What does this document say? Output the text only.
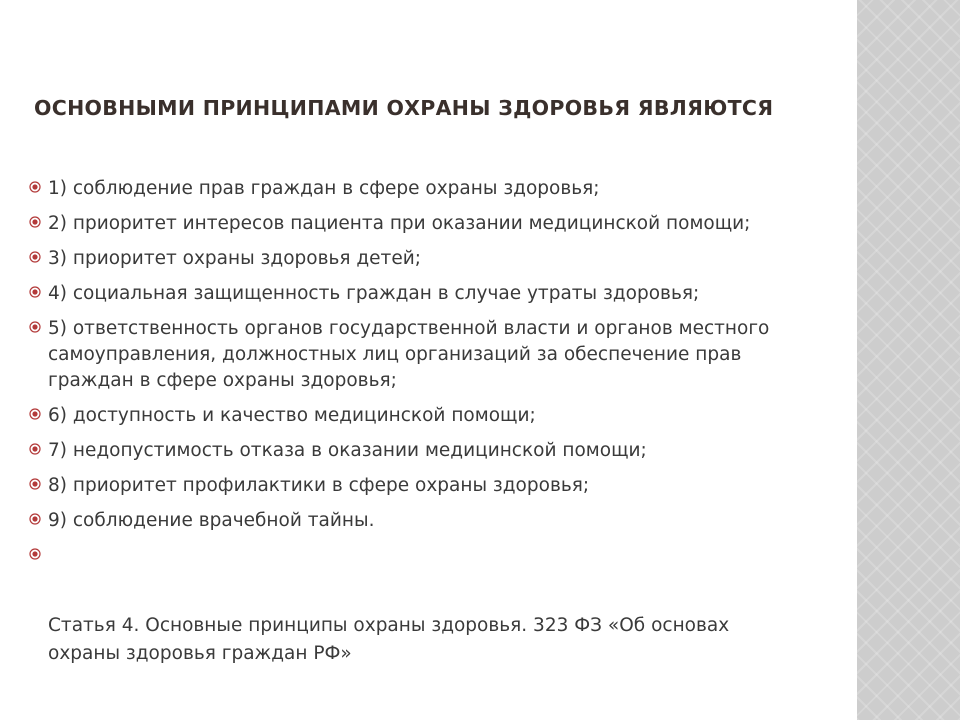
ОСНОВНЫМИ ПРИНЦИПАМИ ОХРАНЫ ЗДОРОВЬЯ ЯВЛЯЮТСЯ
1) соблюдение прав граждан в сфере охраны здоровья;
2) приоритет интересов пациента при оказании медицинской помощи;
3) приоритет охраны здоровья детей;
4) социальная защищенность граждан в случае утраты здоровья;
5) ответственность органов государственной власти и органов местного самоуправления, должностных лиц организаций за обеспечение прав граждан в сфере охраны здоровья;
6) доступность и качество медицинской помощи;
7) недопустимость отказа в оказании медицинской помощи;
8) приоритет профилактики в сфере охраны здоровья;
9) соблюдение врачебной тайны.

Статья 4. Основные принципы охраны здоровья. 323 ФЗ «Об основах охраны здоровья граждан РФ»
